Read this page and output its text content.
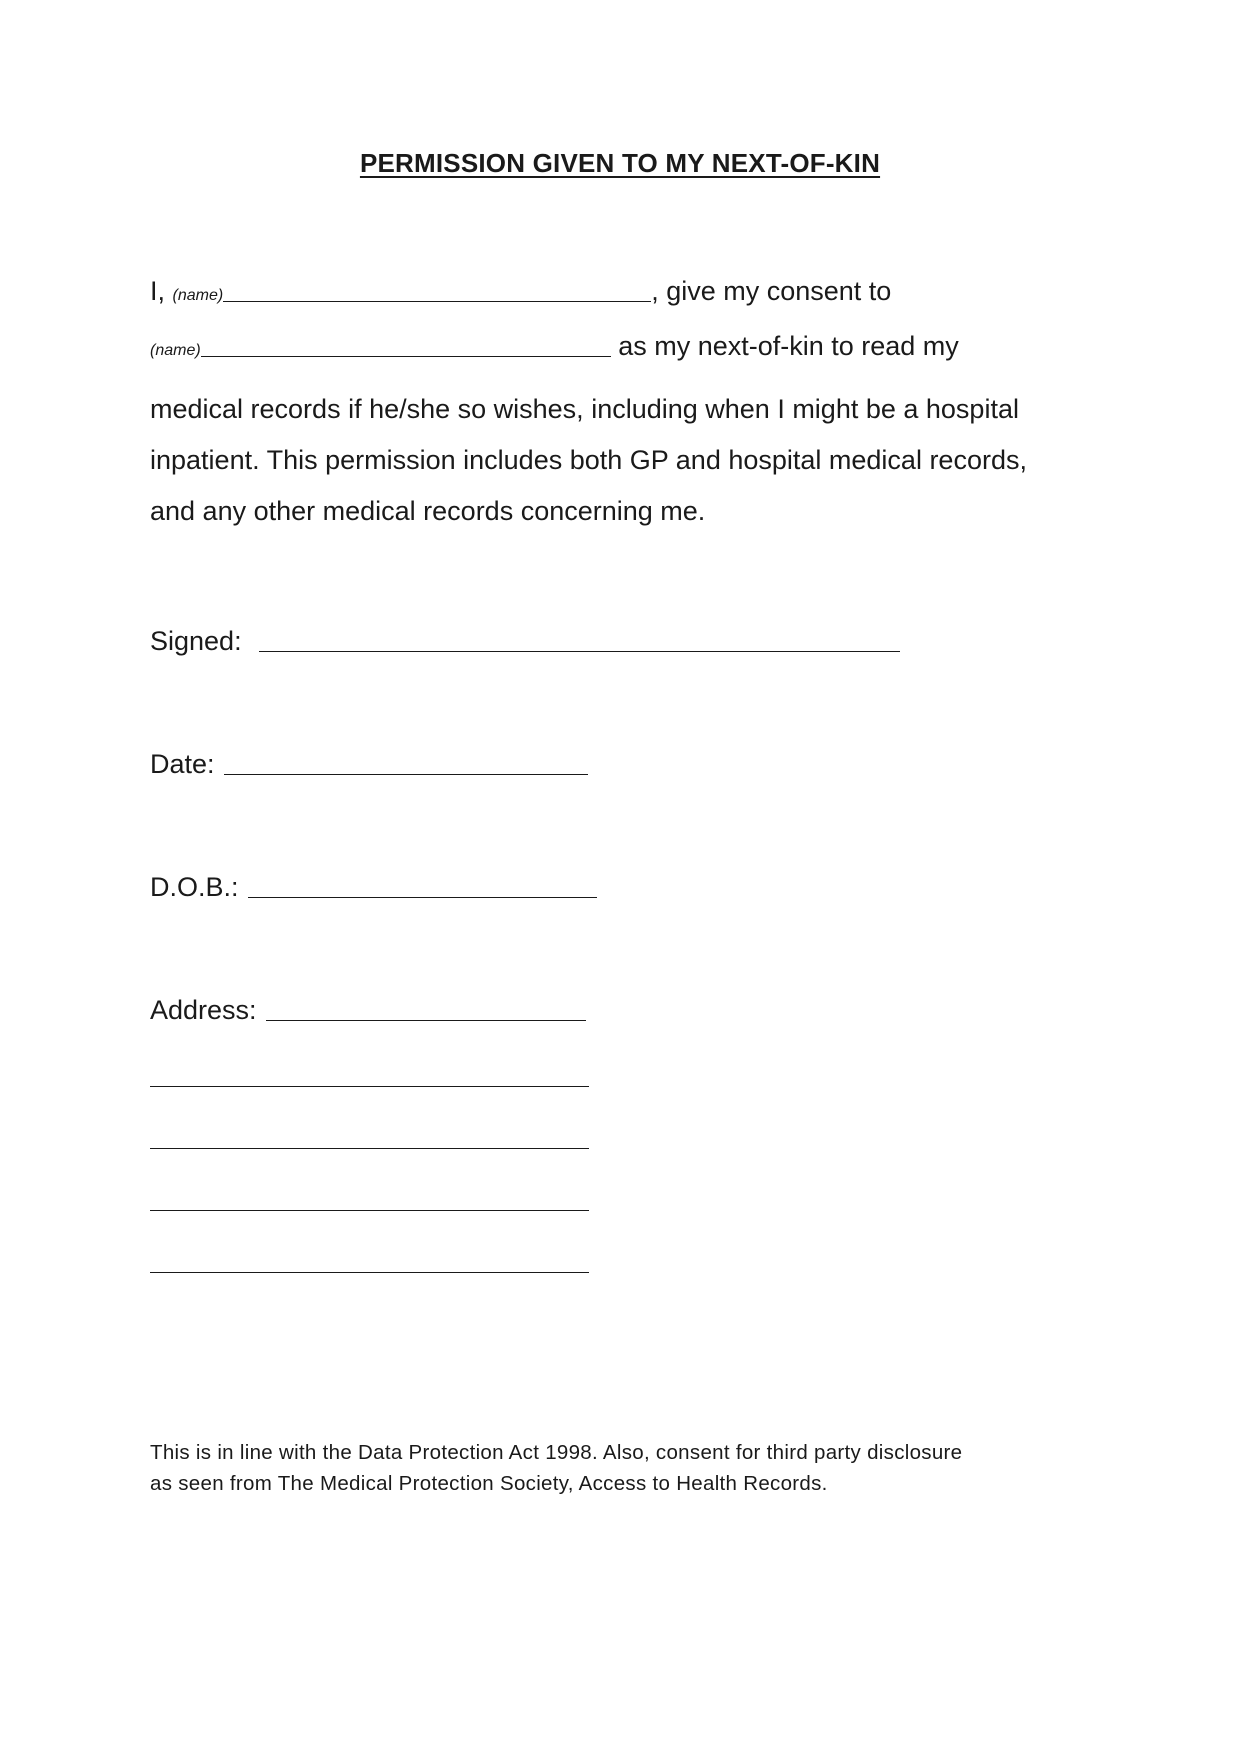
PERMISSION GIVEN TO MY NEXT-OF-KIN
I, (name)	, give my consent to
(name)	as my next-of-kin to read my
medical records if he/she so wishes, including when I might be a hospital
inpatient. This permission includes both GP and hospital medical records,
and any other medical records concerning me.
Signed:
Date:
D.O.B.:
Address:
This is in line with the Data Protection Act 1998. Also, consent for third party disclosure
as seen from The Medical Protection Society, Access to Health Records.
